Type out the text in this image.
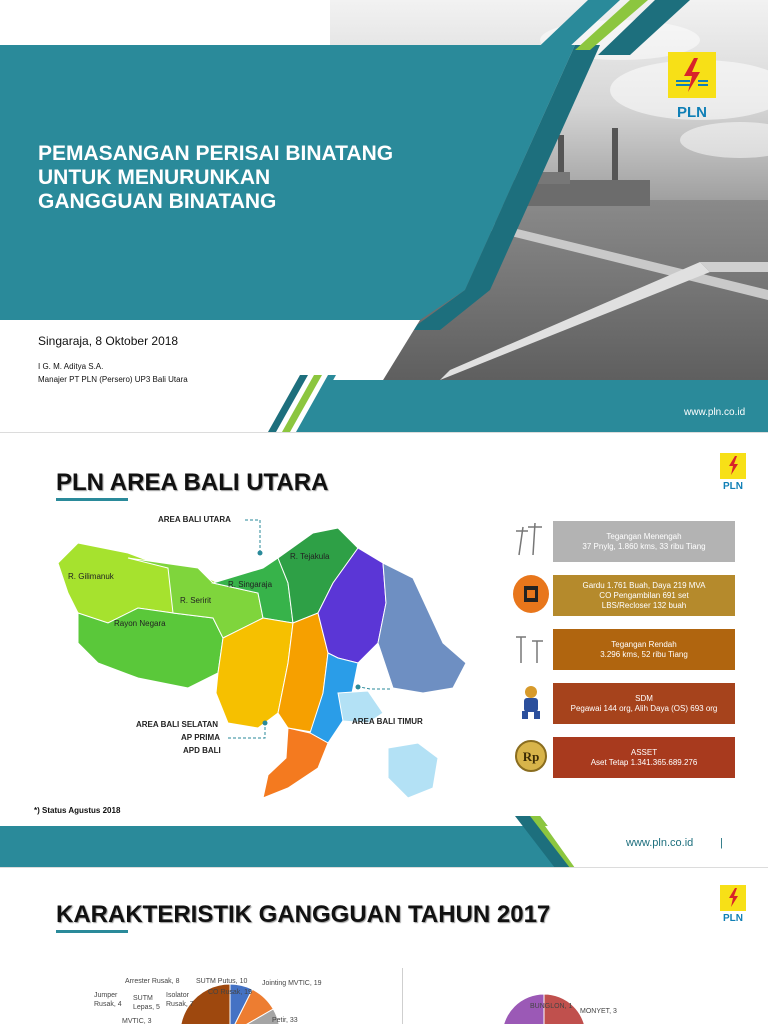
PEMASANGAN PERISAI BINATANG
UNTUK MENURUNKAN
GANGGUAN BINATANG
Singaraja, 8 Oktober 2018
I G. M. Aditya S.A.
Manajer PT PLN (Persero) UP3 Bali Utara
PLN
www.pln.co.id
PLN AREA BALI UTARA	PLN
AREA BALI UTARA
R. Tejakula
R. Gilimanuk
R. Singaraja
R. Seririt
Rayon Negara
AREA BALI SELATAN
AP PRIMA
APD BALI
AREA BALI TIMUR
Tegangan Menengah
37 Pnylg, 1.860 kms, 33 ribu Tiang
Gardu 1.761 Buah, Daya 219 MVA
CO Pengambilan 691 set
LBS/Recloser 132 buah
Tegangan Rendah
3.296 kms, 52 ribu Tiang
SDM
Pegawai 144 org, Alih Daya (OS) 693 org
Rp	ASSET
Aset Tetap 1.341.365.689.276
*) Status Agustus 2018
www.pln.co.id |
KARAKTERISTIK GANGGUAN TAHUN 2017	PLN
Arrester Rusak, 8 SUTM Putus, 10 Jointing MVTIC, 19
Jumper Rusak, 4
SUTM Lepas, 5
Isolator Rusak, 7
CO Rusak, 19
MVTIC, 3	Petir, 33
BUNGLON, 1
MONYET, 3
